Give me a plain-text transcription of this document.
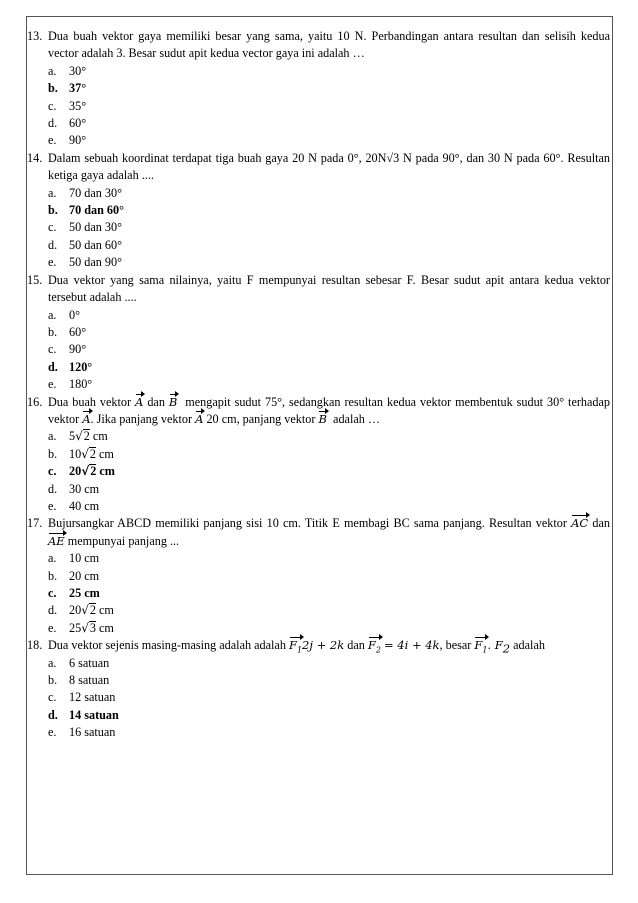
13. Dua buah vektor gaya memiliki besar yang sama, yaitu 10 N. Perbandingan antara resultan dan selisih kedua vector adalah 3. Besar sudut apit kedua vector gaya ini adalah …
a. 30°
b. 37°
c. 35°
d. 60°
e. 90°
14. Dalam sebuah koordinat terdapat tiga buah gaya 20 N pada 0°, 20N√3 N pada 90°, dan 30 N pada 60°. Resultan ketiga gaya adalah ....
a. 70 dan 30°
b. 70 dan 60°
c. 50 dan 30°
d. 50 dan 60°
e. 50 dan 90°
15. Dua vektor yang sama nilainya, yaitu F mempunyai resultan sebesar F. Besar sudut apit antara kedua vektor tersebut adalah ....
a. 0°
b. 60°
c. 90°
d. 120°
e. 180°
16. Dua buah vektor A dan B mengapit sudut 75°, sedangkan resultan kedua vektor membentuk sudut 30° terhadap vektor A. Jika panjang vektor A 20 cm, panjang vektor B adalah …
a. 5√2 cm
b. 10√2 cm
c. 20√2 cm
d. 30 cm
e. 40 cm
17. Bujursangkar ABCD memiliki panjang sisi 10 cm. Titik E membagi BC sama panjang. Resultan vektor AC dan AE mempunyai panjang ...
a. 10 cm
b. 20 cm
c. 25 cm
d. 20√2 cm
e. 25√3 cm
18. Dua vektor sejenis masing-masing adalah adalah $F_12j + 2k$ dan $F_2 = 4i + 4k$, besar $F_1$. $F_2$ adalah
a. 6 satuan
b. 8 satuan
c. 12 satuan
d. 14 satuan
e. 16 satuan
